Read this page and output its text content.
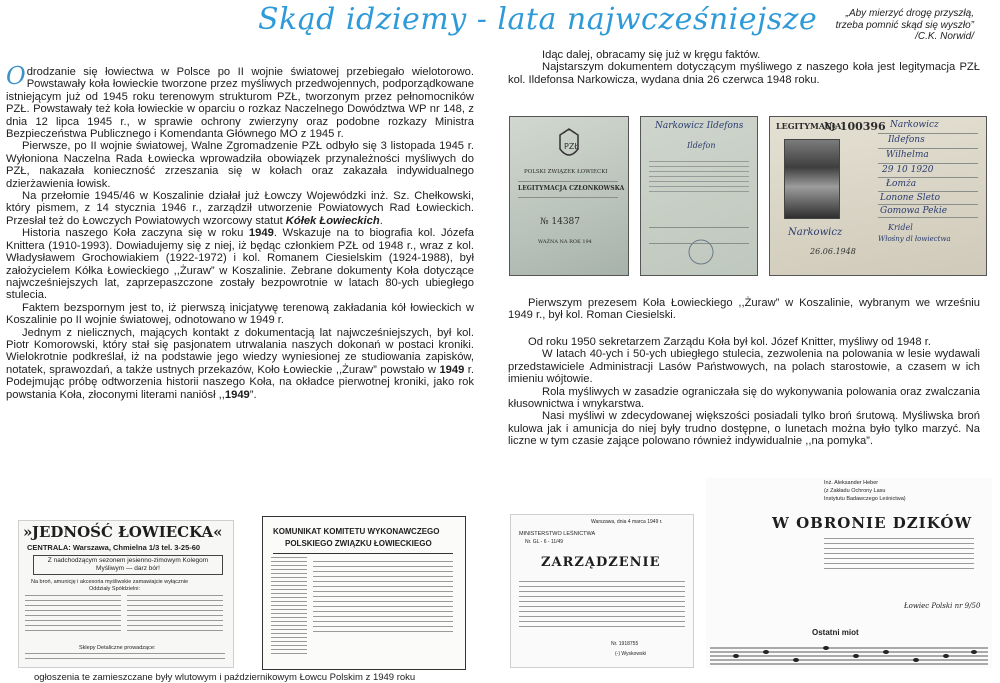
Skąd idziemy - lata najwcześniejsze	„Aby mierzyć drogę przyszłą,
trzeba pomnić skąd się wyszło”
/C.K. Norwid/

Odrodzanie się łowiectwa w Polsce po II wojnie światowej przebiegało wielotorowo. Powstawały koła łowieckie tworzone przez myśliwych przedwojennych, podporządkowane istniejącym już od 1945 roku terenowym strukturom PZŁ, tworzonym przez pełnomocników PZŁ. Powstawały też koła łowieckie w oparciu o rozkaz Naczelnego Dowództwa WP nr 148, z dnia 12 lipca 1945 r., w sprawie ochrony zwierzyny oraz podobne rozkazy Ministra Bezpieczeństwa Publicznego i Komendanta Głównego MO z 1945 r.

Pierwsze, po II wojnie światowej, Walne Zgromadzenie PZŁ odbyło się 3 listopada 1945 r. Wyłoniona Naczelna Rada Łowiecka wprowadziła obowiązek przynależności myśliwych do PZŁ, nakazała konieczność zrzeszania się w kołach oraz zakazała indywidualnego dzierżawienia łowisk.

Na przełomie 1945/46 w Koszalinie działał już Łowczy Wojewódzki inż. Sz. Chełkowski, który pismem, z 14 stycznia 1946 r., zarządził utworzenie Powiatowych Rad Łowieckich. Przesłał też do Łowczych Powiatowych wzorcowy statut Kółek Łowieckich.

Historia naszego Koła zaczyna się w roku 1949. Wskazuje na to biografia kol. Józefa Knittera (1910-1993). Dowiadujemy się z niej, iż będąc członkiem PZŁ od 1948 r., wraz z kol. Władysławem Grochowiakiem (1922-1972) i kol. Romanem Ciesielskim (1924-1988), był założycielem Kółka Łowieckiego ,,Żuraw” w Koszalinie. Zebrane dokumenty Koła dotyczące najwcześniejszych lat, zaprzepaszczone zostały bezpowrotnie w latach 80-ych ubiegłego stulecia.

Faktem bezspornym jest to, iż pierwszą inicjatywę terenową zakładania kół łowieckich w Koszalinie po II wojnie światowej, odnotowano w 1949 r.

Jednym z nielicznych, mających kontakt z dokumentacją lat najwcześniejszych, był kol. Piotr Komorowski, który stał się pasjonatem utrwalania naszych dokonań w postaci kroniki. Wielokrotnie podkreślał, iż na podstawie jego wiedzy wyniesionej ze studiowania zapisków, notatek, sprawozdań, a także ustnych przekazów, Koło Łowieckie ,,Żuraw” powstało w 1949 r. Podejmując próbę odtworzenia historii naszego Koła, na okładce pierwotnej kroniki, jako rok powstania Koła, złoconymi literami naniósł ,,1949”.

Idąc dalej, obracamy się już w kręgu faktów.

Najstarszym dokumentem dotyczącym myśliwego z naszego koła jest legitymacja PZŁ kol. Ildefonsa Narkowicza, wydana dnia 26 czerwca 1948 roku.

PZŁ
POLSKI ZWIĄZEK ŁOWIECKI
LEGITYMACJA CZŁONKOWSKA
№ 14387
WAŻNA NA ROK 194
Narkowicz Ildefons
Ildefon
LEGITYMACJA
№ 100396 Narkowicz
Ildefons
Wilhelma
29 10 1920
Łomża
Lonone Sleto
Gomowa Pekie
Kridel
Włośny dl łowiectwa
Narkowicz
26.06.1948

Pierwszym prezesem Koła Łowieckiego ,,Żuraw” w Koszalinie, wybranym we wrześniu 1949 r., był kol. Roman Ciesielski.

Od roku 1950 sekretarzem Zarządu Koła był kol. Józef Knitter, myśliwy od 1948 r.

W latach 40-ych i 50-ych ubiegłego stulecia, zezwolenia na polowania w lesie wydawali przedstawiciele Administracji Lasów Państwowych, na polach starostowie, a czasem w ich imieniu wójtowie.

Rola myśliwych w zasadzie ograniczała się do wykonywania polowania oraz zwalczania kłusownictwa i wnykarstwa.

Nasi myśliwi w zdecydowanej większości posiadali tylko broń śrutową. Myśliwska broń kulowa jak i amunicja do niej były trudno dostępne, o lunetach można było tylko marzyć. Na liczne w tym czasie zające polowano również indywidualnie ,,na pomyka”.

»JEDNOŚĆ ŁOWIECKA«
CENTRALA: Warszawa, Chmielna 1/3 tel. 3-25-60
Z nadchodzącym sezonem jesienno-zimowym Kolegom Myśliwym — darz bór!
Na broń, amunicję i akcesoria myśliwskie zamawiajcie wyłącznie
Oddziały Spółdzielni:
Sklepy Detaliczne prowadzące:
KOMUNIKAT KOMITETU WYKONAWCZEGO
POLSKIEGO ZWIĄZKU ŁOWIECKIEGO
Warszawa, dnia 4 marca 1949 r.
MINISTERSTWO LEŚNICTWA
Nr. GL - 6 - 11/49
ZARZĄDZENIE
Nr. 1918755
(-) Wyskowski
Inż. Aleksander Heber
(z Zakładu Ochrony Lasu
Instytutu Badawczego Leśnictwa)
W OBRONIE DZIKÓW
Łowiec Polski nr 9/50
Ostatni miot
ogłoszenia te zamieszczane były wlutowym i październikowym Łowcu Polskim z 1949 roku
